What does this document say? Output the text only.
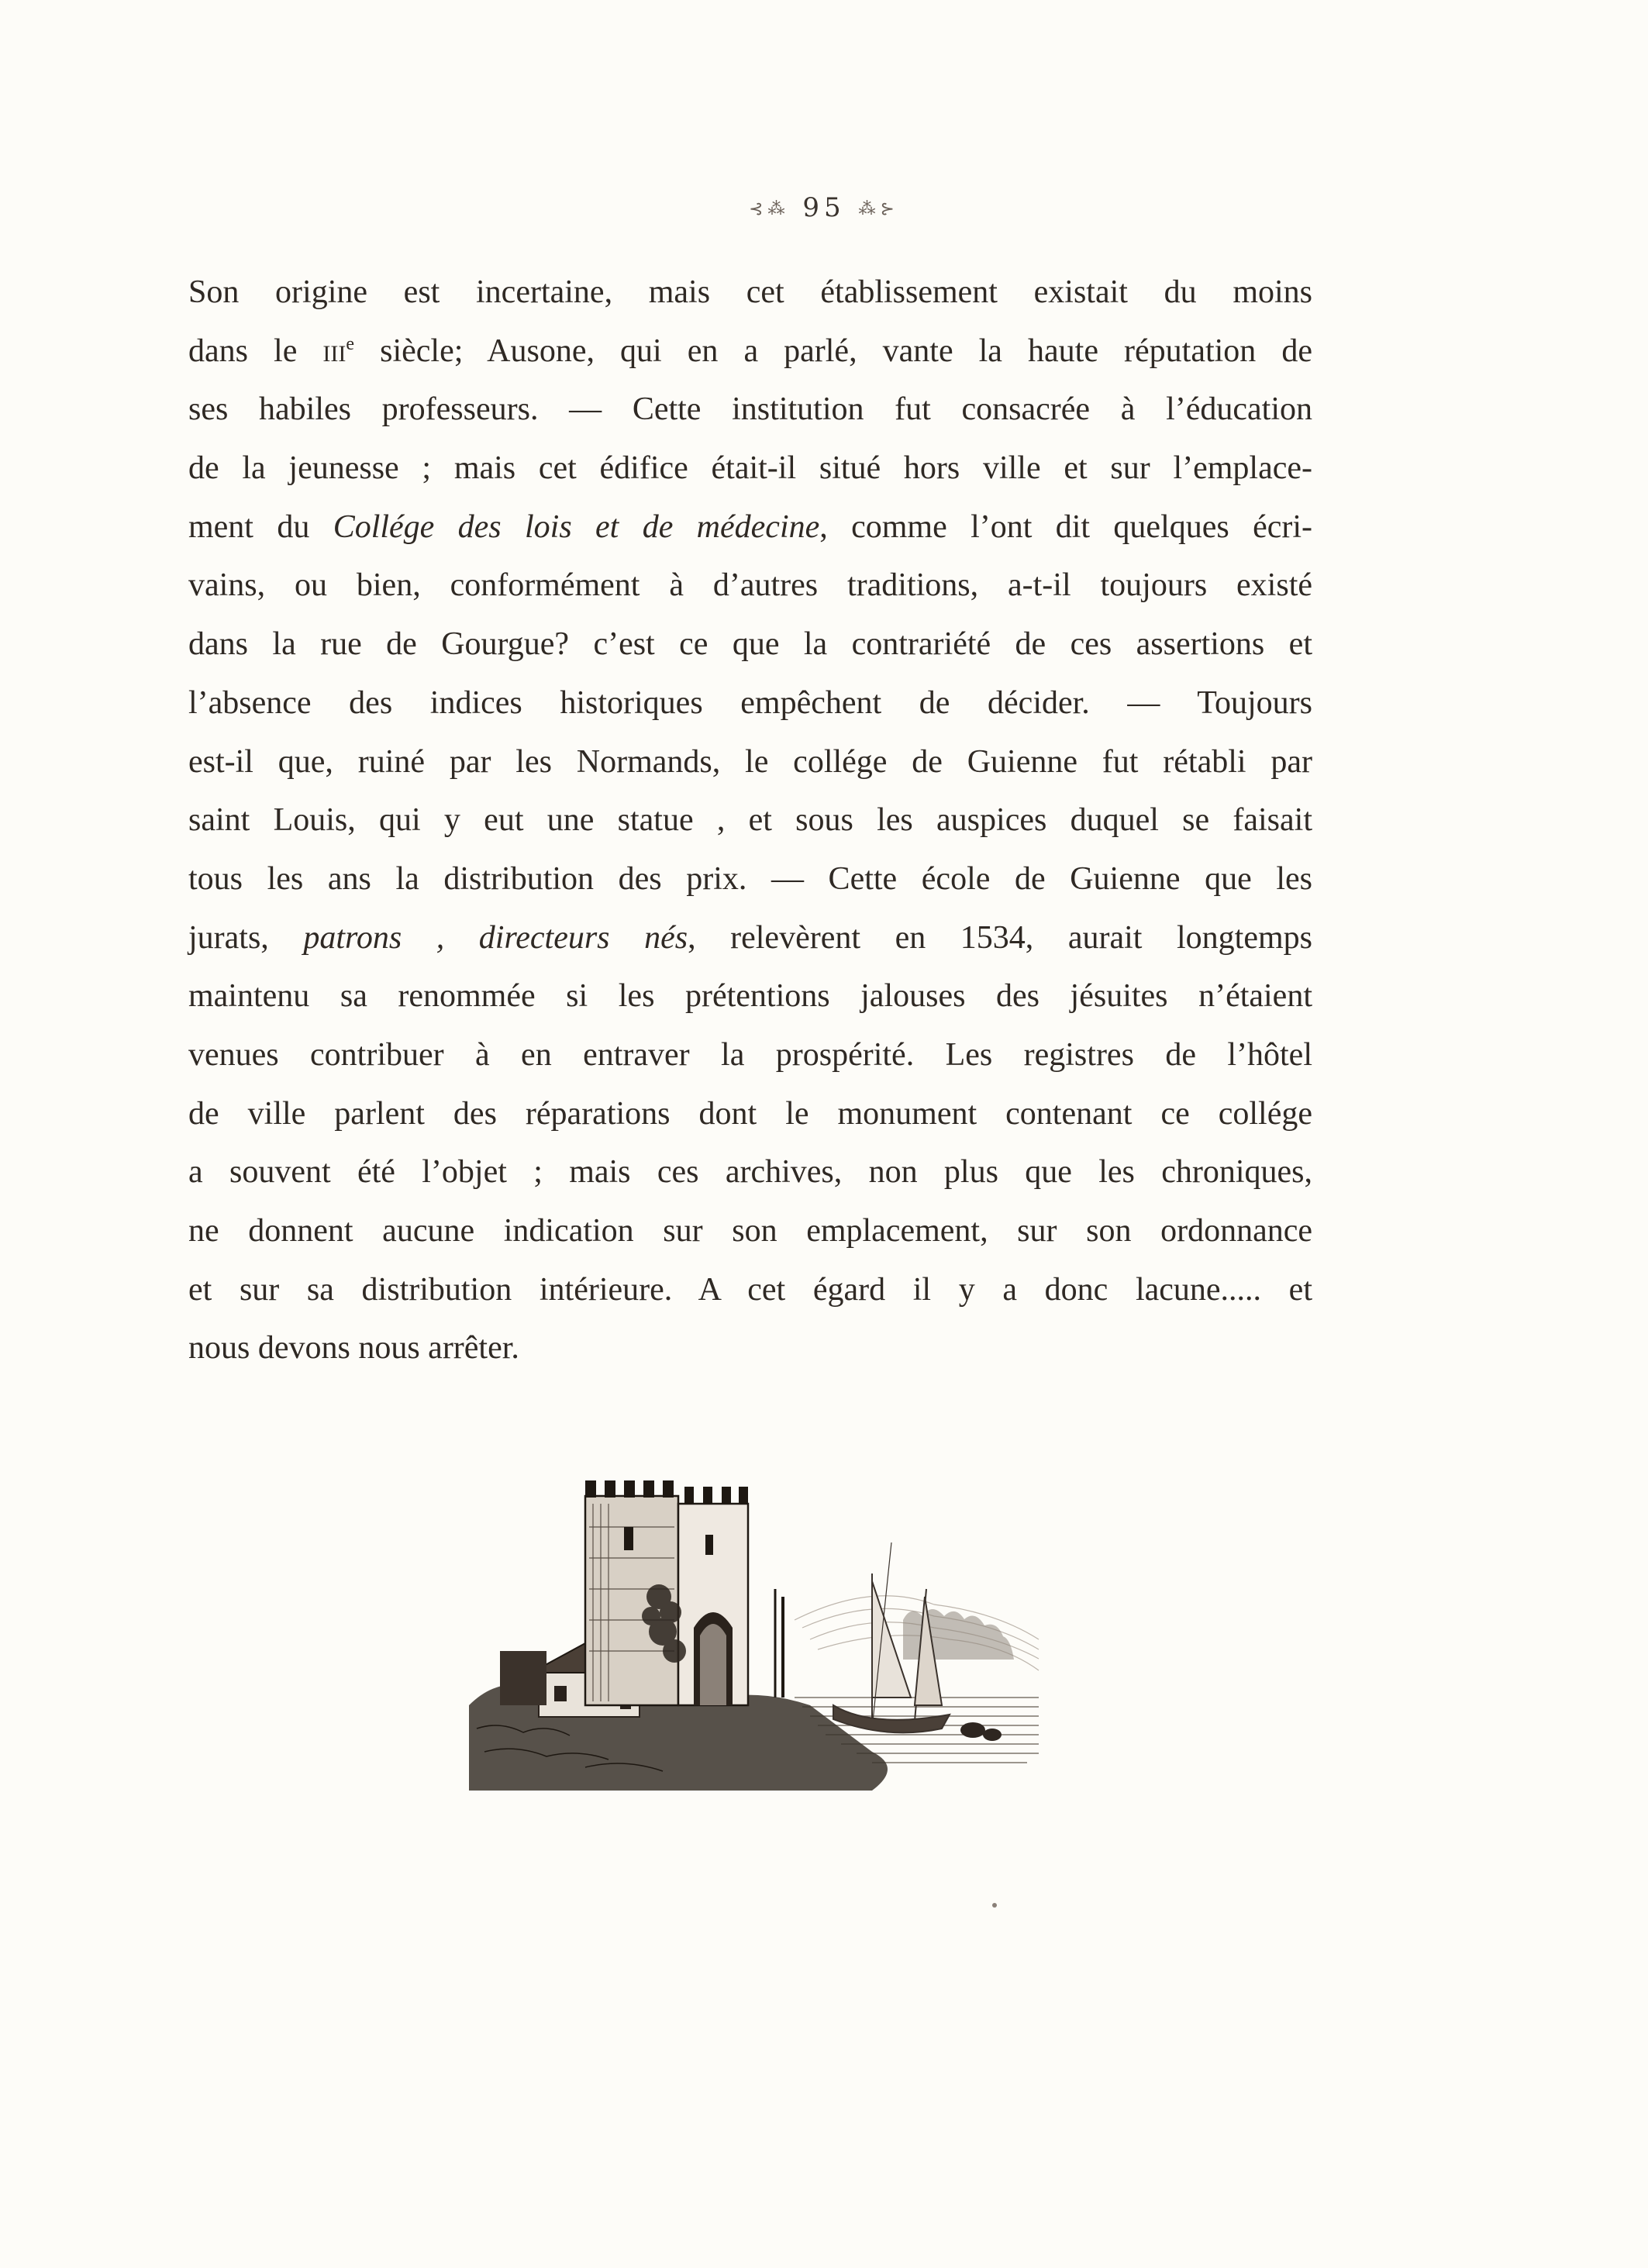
⊰⁂ 95 ⁂⊱
Son origine est incertaine, mais cet établissement existait du moins
dans le IIIe siècle; Ausone, qui en a parlé, vante la haute réputation de
ses habiles professeurs. — Cette institution fut consacrée à l’éducation
de la jeunesse ; mais cet édifice était-il situé hors ville et sur l’emplace-
ment du Collége des lois et de médecine, comme l’ont dit quelques écri-
vains, ou bien, conformément à d’autres traditions, a-t-il toujours existé
dans la rue de Gourgue? c’est ce que la contrariété de ces assertions et
l’absence des indices historiques empêchent de décider. — Toujours
est-il que, ruiné par les Normands, le collége de Guienne fut rétabli par
saint Louis, qui y eut une statue , et sous les auspices duquel se faisait
tous les ans la distribution des prix. — Cette école de Guienne que les
jurats, patrons , directeurs nés, relevèrent en 1534, aurait longtemps
maintenu sa renommée si les prétentions jalouses des jésuites n’étaient
venues contribuer à en entraver la prospérité. Les registres de l’hôtel
de ville parlent des réparations dont le monument contenant ce collége
a souvent été l’objet ; mais ces archives, non plus que les chroniques,
ne donnent aucune indication sur son emplacement, sur son ordonnance
et sur sa distribution intérieure. A cet égard il y a donc lacune..... et
nous devons nous arrêter.
